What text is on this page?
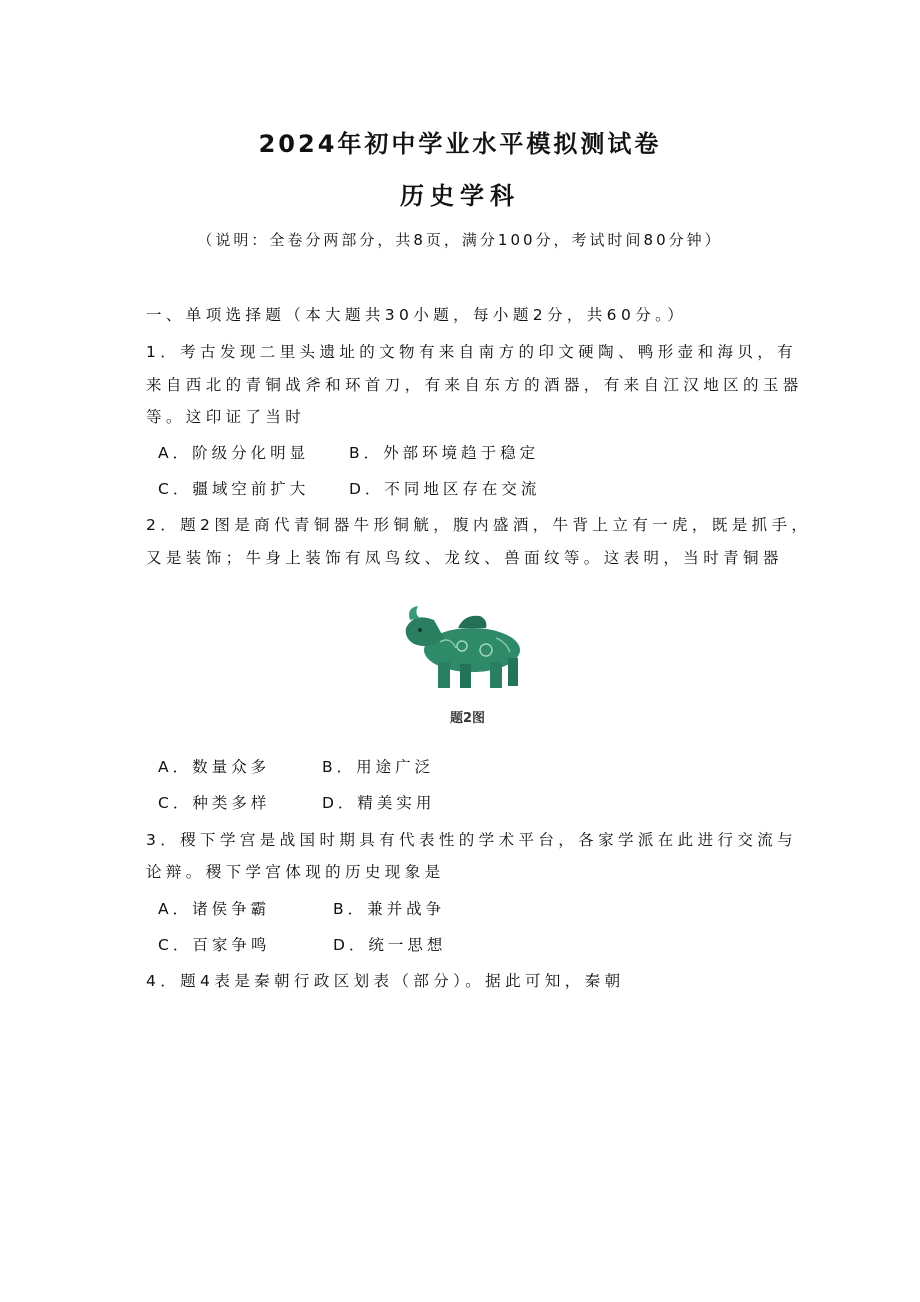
2024年初中学业水平模拟测试卷
历史学科
（说明：全卷分两部分，共8页，满分100分，考试时间80分钟）
一、单项选择题（本大题共30小题，每小题2分，共60分。）
1．考古发现二里头遗址的文物有来自南方的印文硬陶、鸭形壶和海贝，有
来自西北的青铜战斧和环首刀，有来自东方的酒器，有来自江汉地区的玉器
等。这印证了当时
A．阶级分化明显	B．外部环境趋于稳定
C．疆域空前扩大	D．不同地区存在交流
2．题2图是商代青铜器牛形铜觥，腹内盛酒，牛背上立有一虎，既是抓手，
又是装饰；牛身上装饰有凤鸟纹、龙纹、兽面纹等。这表明，当时青铜器
题2图
A．数量众多	B．用途广泛
C．种类多样	D．精美实用
3．稷下学宫是战国时期具有代表性的学术平台，各家学派在此进行交流与
论辩。稷下学宫体现的历史现象是
A．诸侯争霸	B．兼并战争
C．百家争鸣	D．统一思想
4．题4表是秦朝行政区划表（部分）。据此可知，秦朝
